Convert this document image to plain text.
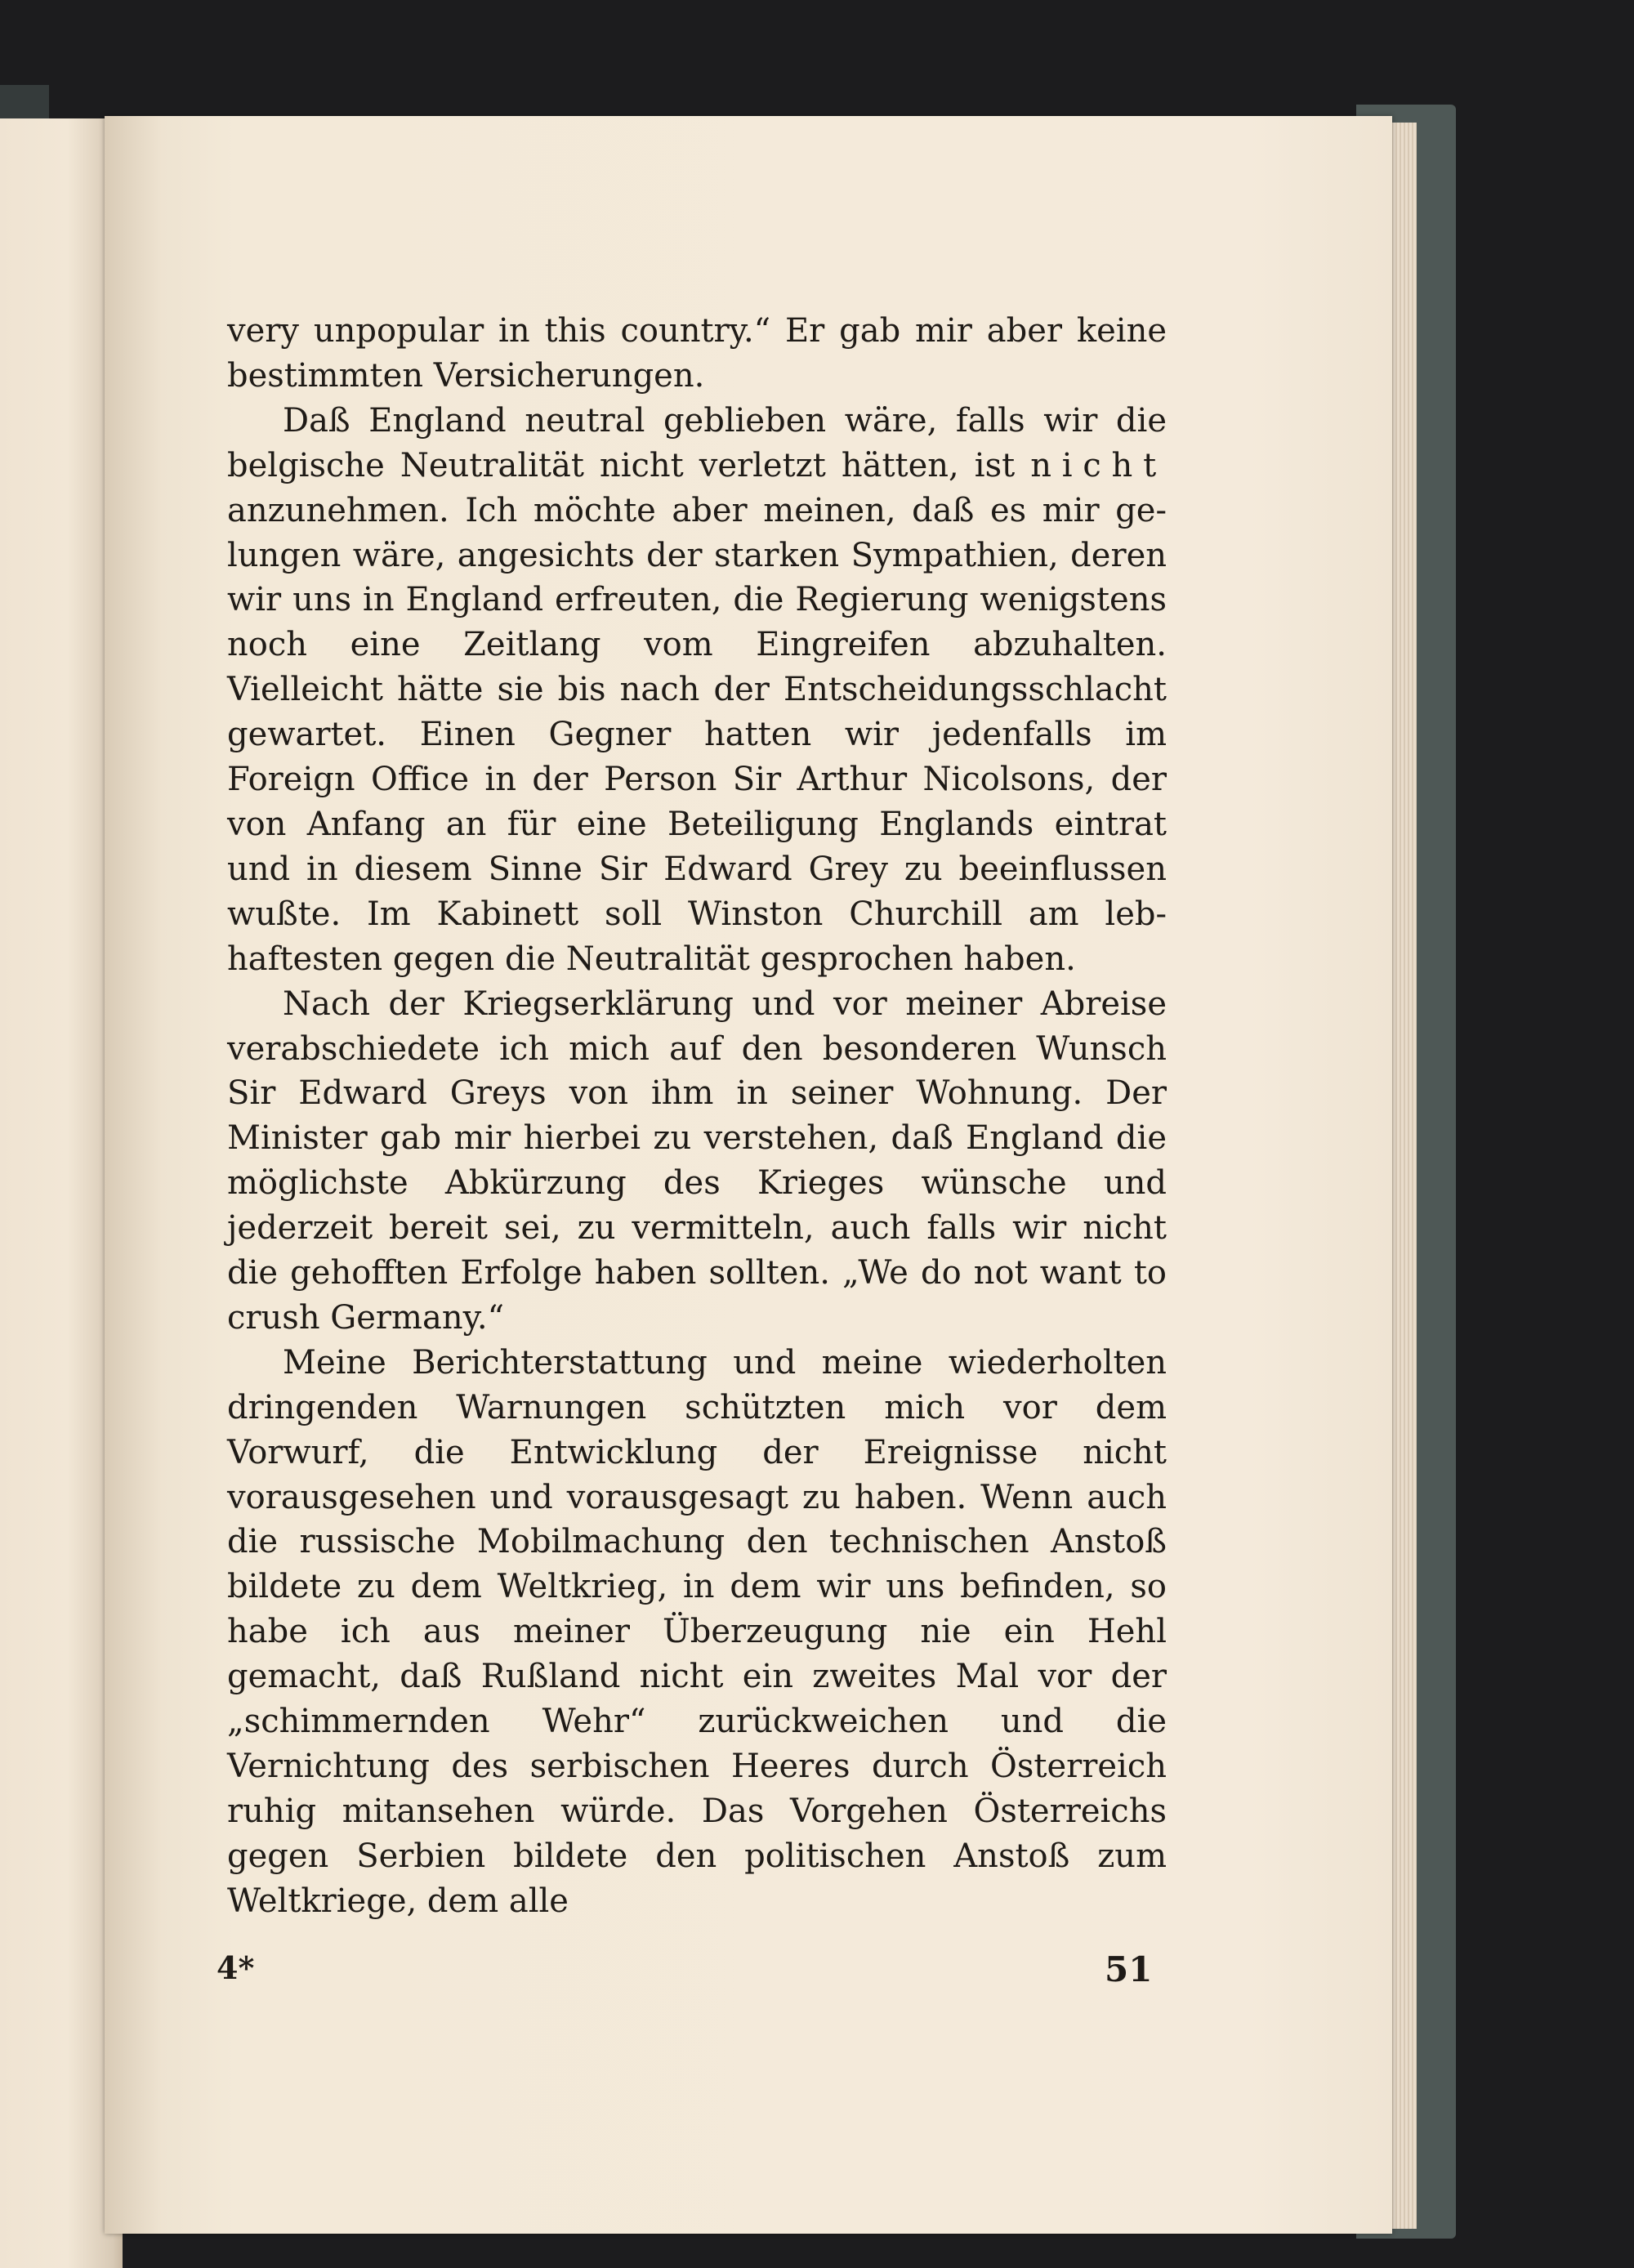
very unpopular in this country.“ Er gab mir aber keine bestimmten Versicherungen.

Daß England neutral geblieben wäre, falls wir die belgische Neutralität nicht verletzt hätten, ist nicht anzunehmen. Ich möchte aber meinen, daß es mir gelungen wäre, angesichts der starken Sympathien, deren wir uns in England erfreuten, die Regierung wenigstens noch eine Zeitlang vom Eingreifen abzuhalten. Vielleicht hätte sie bis nach der Entscheidungsschlacht gewartet. Einen Gegner hatten wir jedenfalls im Foreign Office in der Person Sir Arthur Nicolsons, der von Anfang an für eine Beteiligung Englands eintrat und in diesem Sinne Sir Edward Grey zu beeinflussen wußte. Im Kabinett soll Winston Churchill am lebhaftesten gegen die Neutralität gesprochen haben.

Nach der Kriegserklärung und vor meiner Abreise verabschiedete ich mich auf den besonderen Wunsch Sir Edward Greys von ihm in seiner Wohnung. Der Minister gab mir hierbei zu verstehen, daß England die möglichste Abkürzung des Krieges wünsche und jederzeit bereit sei, zu vermitteln, auch falls wir nicht die gehofften Erfolge haben sollten. „We do not want to crush Germany.“

Meine Berichterstattung und meine wiederholten dringenden Warnungen schützten mich vor dem Vorwurf, die Entwicklung der Ereignisse nicht vorausgesehen und vorausgesagt zu haben. Wenn auch die russische Mobilmachung den technischen Anstoß bildete zu dem Weltkrieg, in dem wir uns befinden, so habe ich aus meiner Überzeugung nie ein Hehl gemacht, daß Rußland nicht ein zweites Mal vor der „schimmernden Wehr“ zurückweichen und die Vernichtung des serbischen Heeres durch Österreich ruhig mitansehen würde. Das Vorgehen Österreichs gegen Serbien bildete den politischen Anstoß zum Weltkriege, dem alle

4*	51
